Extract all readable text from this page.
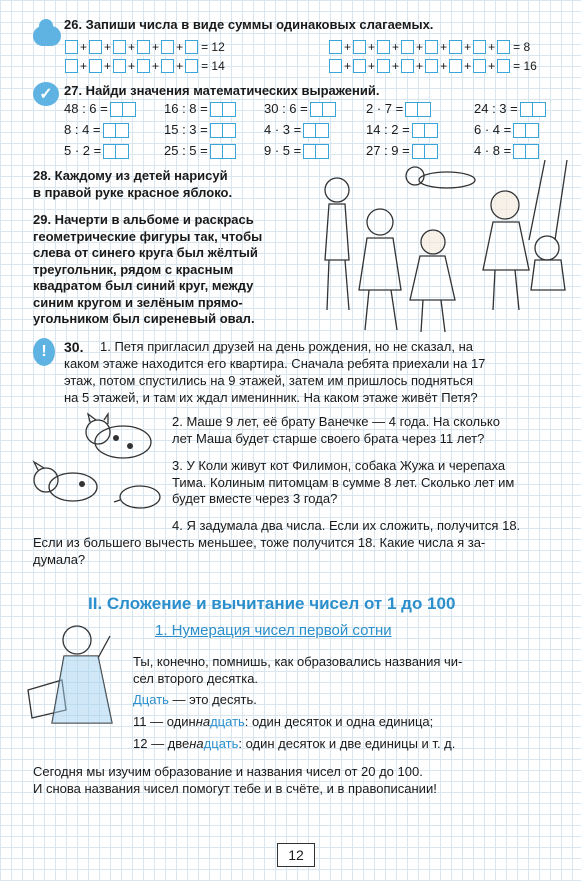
26. Запиши числа в виде суммы одинаковых слагаемых.
+ + + + + = 12	+ + + + + + + = 8
+ + + + + = 14	+ + + + + + + = 16
✓ 27. Найди значения математических выражений.
48 : 6 =	16 : 8 =	30 : 6 =	2 · 7 =	24 : 3 =
8 : 4 =	15 : 3 =	4 · 3 =	14 : 2 =	6 · 4 =
5 · 2 =	25 : 5 =	9 · 5 =	27 : 9 =	4 · 8 =
28. Каждому из детей нарисуй
в правой руке красное яблоко.
29. Начерти в альбоме и раскрась
геометрические фигуры так, чтобы
слева от синего круга был жёлтый
треугольник, рядом с красным
квадратом был синий круг, между
синим кругом и зелёным прямо-
угольником был сиреневый овал.
!	30. 1. Петя пригласил друзей на день рождения, но не сказал, на
каком этаже находится его квартира. Сначала ребята приехали на 17
этаж, потом спустились на 9 этажей, затем им пришлось подняться
на 5 этажей, и там их ждал именинник. На каком этаже живёт Петя?
2. Маше 9 лет, её брату Ванечке — 4 года. На сколько
лет Маша будет старше своего брата через 11 лет?
3. У Коли живут кот Филимон, собака Жужа и черепаха
Тима. Колиным питомцам в сумме 8 лет. Сколько лет им
будет вместе через 3 года?
4. Я задумала два числа. Если их сложить, получится 18.
Если из большего вычесть меньшее, тоже получится 18. Какие числа я за-
думала?
II. Сложение и вычитание чисел от 1 до 100
1. Нумерация чисел первой сотни
Ты, конечно, помнишь, как образовались названия чи-
сел второго десятка.
Дцать — это десять.
11 — одиннадцать: один десяток и одна единица;
12 — двенадцать: один десяток и две единицы и т. д.
Сегодня мы изучим образование и названия чисел от 20 до 100.
И снова названия чисел помогут тебе и в счёте, и в правописании!
12
